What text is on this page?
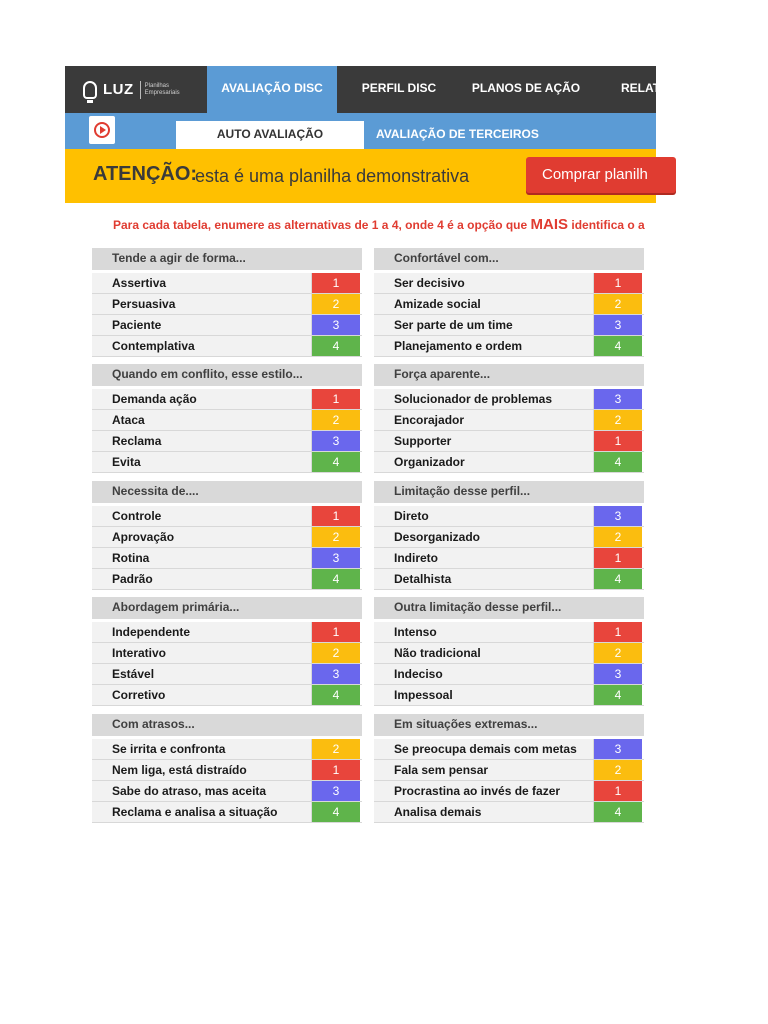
LUZ Planilhas Empresariais	AVALIAÇÃO DISC	PERFIL DISC	PLANOS DE AÇÃO	RELAT
AUTO AVALIAÇÃO	AVALIAÇÃO DE TERCEIROS
ATENÇÃO:
esta é uma planilha demonstrativa	Comprar planilh
Para cada tabela, enumere as alternativas de 1 a 4, onde 4 é a opção que MAIS identifica o a
Tende a agir de forma...
Assertiva	1
Persuasiva	2
Paciente	3
Contemplativa	4
Confortável com...
Ser decisivo	1
Amizade social	2
Ser parte de um time	3
Planejamento e ordem	4
Quando em conflito, esse estilo...
Demanda ação	1
Ataca	2
Reclama	3
Evita	4
Força aparente...
Solucionador de problemas	3
Encorajador	2
Supporter	1
Organizador	4
Necessita de....
Controle	1
Aprovação	2
Rotina	3
Padrão	4
Limitação desse perfil...
Direto	3
Desorganizado	2
Indireto	1
Detalhista	4
Abordagem primária...
Independente	1
Interativo	2
Estável	3
Corretivo	4
Outra limitação desse perfil...
Intenso	1
Não tradicional	2
Indeciso	3
Impessoal	4
Com atrasos...
Se irrita e confronta	2
Nem liga, está distraído	1
Sabe do atraso, mas aceita	3
Reclama e analisa a situação	4
Em situações extremas...
Se preocupa demais com metas	3
Fala sem pensar	2
Procrastina ao invés de fazer	1
Analisa demais	4
